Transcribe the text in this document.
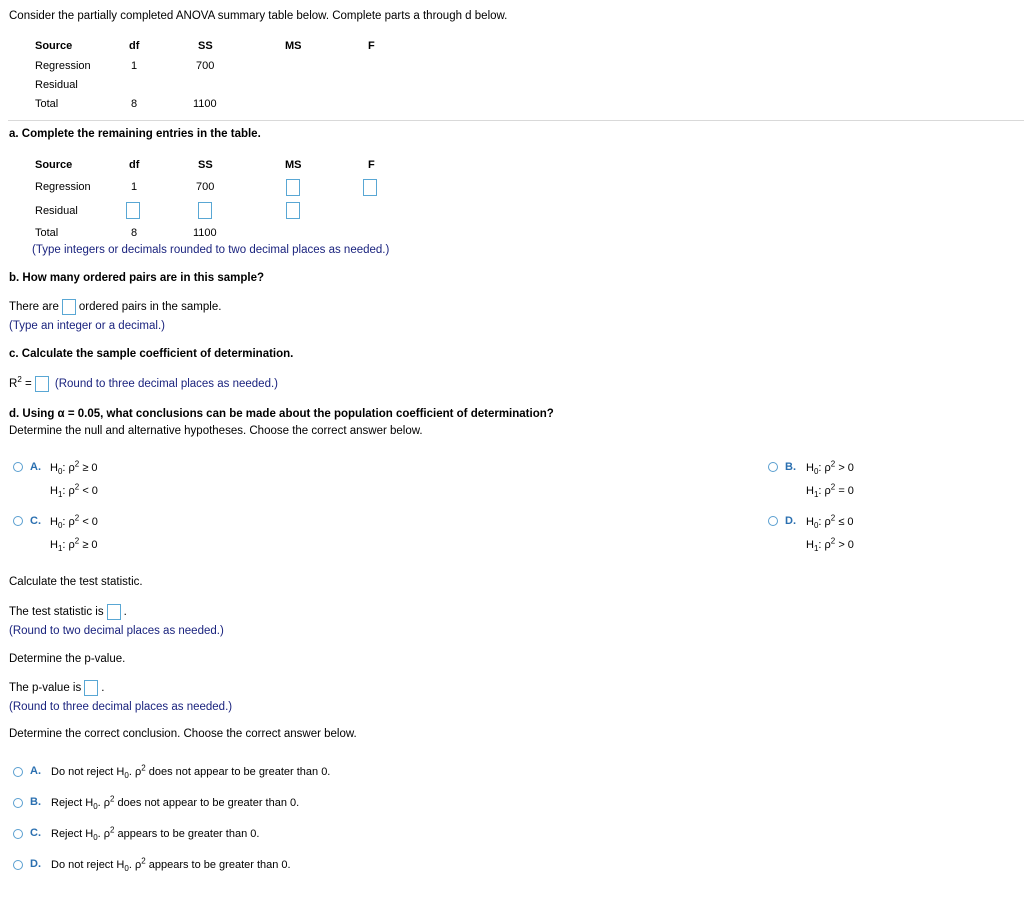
Consider the partially completed ANOVA summary table below. Complete parts a through d below.
Source	df	SS	MS	F
Regression	1	700
Residual
Total	8	1100
a. Complete the remaining entries in the table.
Source	df	SS	MS	F
Regression	1	700
Residual
Total	8	1100
(Type integers or decimals rounded to two decimal places as needed.)
b. How many ordered pairs are in this sample?
There are ordered pairs in the sample.
(Type an integer or a decimal.)
c. Calculate the sample coefficient of determination.
$R^2$ = (Round to three decimal places as needed.)
d. Using α = 0.05, what conclusions can be made about the population coefficient of determination?
Determine the null and alternative hypotheses. Choose the correct answer below.
A. $H_0$: $\rho^2 \ge 0$
$H_1$: $\rho^2 < 0$
B. $H_0$: $\rho^2 > 0$
$H_1$: $\rho^2 = 0$
C. $H_0$: $\rho^2 < 0$
$H_1$: $\rho^2 \ge 0$
D. $H_0$: $\rho^2 \le 0$
$H_1$: $\rho^2 > 0$
Calculate the test statistic.
The test statistic is .
(Round to two decimal places as needed.)
Determine the p-value.
The p-value is .
(Round to three decimal places as needed.)
Determine the correct conclusion. Choose the correct answer below.
A. Do not reject $H_0$. $\rho^2$ does not appear to be greater than 0.
B. Reject $H_0$. $\rho^2$ does not appear to be greater than 0.
C. Reject $H_0$. $\rho^2$ appears to be greater than 0.
D. Do not reject $H_0$. $\rho^2$ appears to be greater than 0.
